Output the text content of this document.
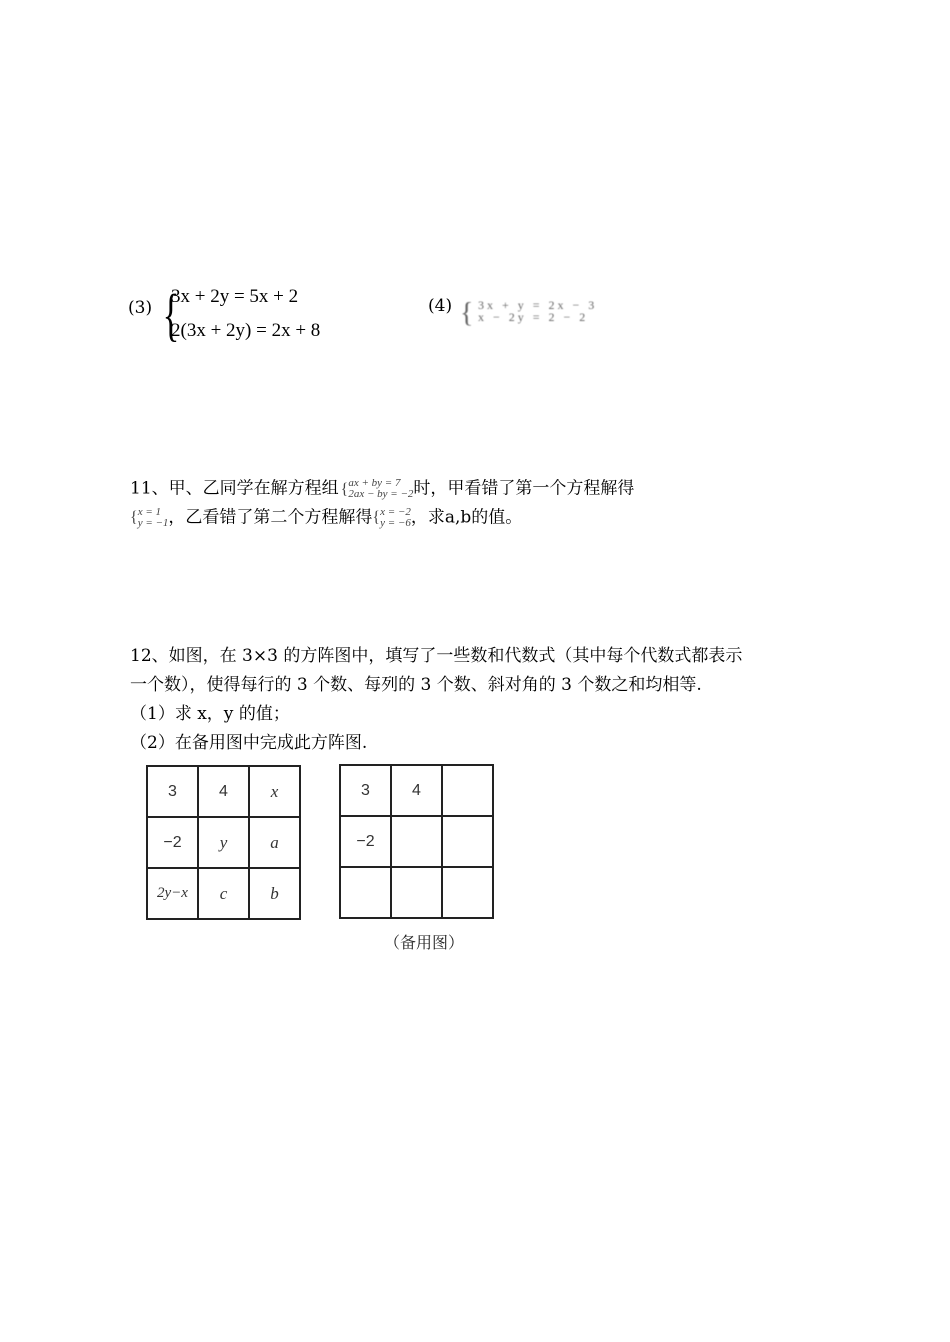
(3) {
3x + 2y = 5x + 2
2(3x + 2y) = 2x + 8
(4) { 3x + y = 2x − 3
x − 2y = 2 − 2
11、甲、乙同学在解方程组 { ax + by = 7
2ax − by = −2 时，甲看错了第一个方程解得
{ x = 1
y = −1 ，乙看错了第二个方程解得{ x = −2
y = −6 ，求a,b的值。
12、如图，在 3×3 的方阵图中，填写了一些数和代数式（其中每个代数式都表示
一个数），使得每行的 3 个数、每列的 3 个数、斜对角的 3 个数之和均相等.
（1）求 x，y 的值；
（2）在备用图中完成此方阵图.
3	4	x
−2	y	a
2y−x	c	b
3	4	
−2		

（备用图）
